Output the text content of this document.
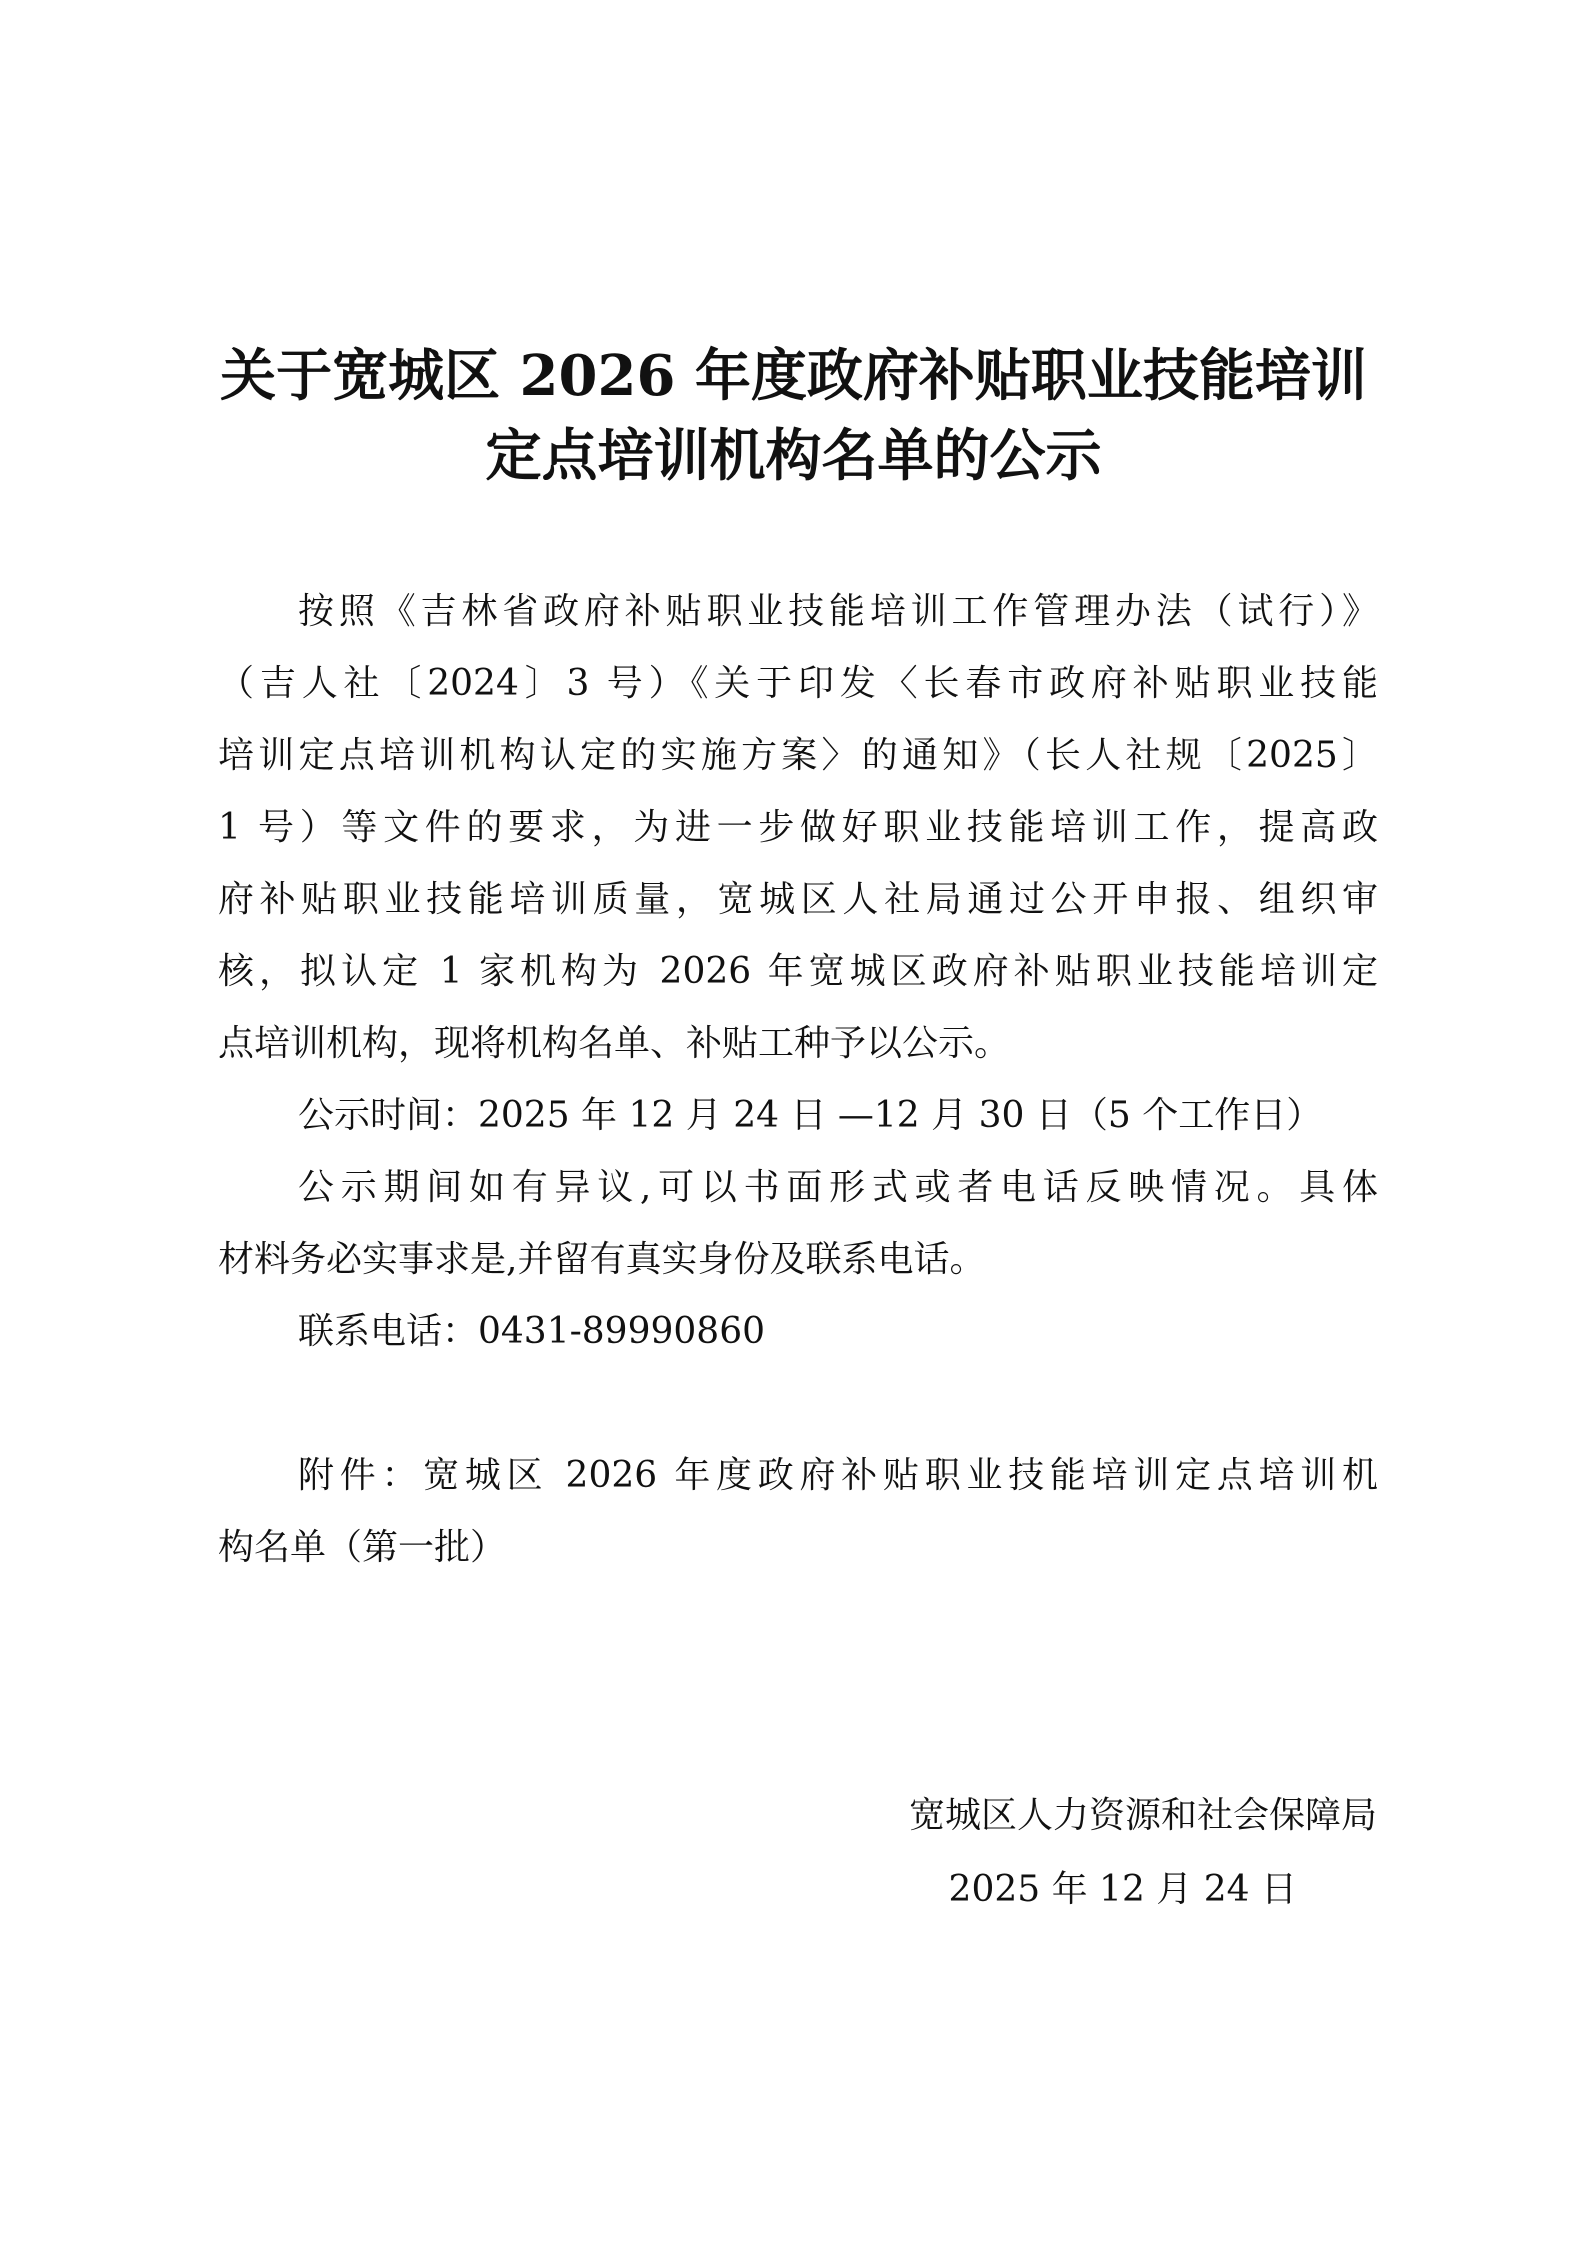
关于宽城区 2026 年度政府补贴职业技能培训
定点培训机构名单的公示
按照《吉林省政府补贴职业技能培训工作管理办法（试行）》
（吉人社〔2024〕3 号）《关于印发〈长春市政府补贴职业技能
培训定点培训机构认定的实施方案〉的通知》（长人社规〔2025〕
1 号）等文件的要求，为进一步做好职业技能培训工作，提高政
府补贴职业技能培训质量，宽城区人社局通过公开申报、组织审
核，拟认定 1 家机构为 2026 年宽城区政府补贴职业技能培训定
点培训机构，现将机构名单、补贴工种予以公示。
公示时间：2025 年 12 月 24 日 —12 月 30 日（5 个工作日）
公示期间如有异议,可以书面形式或者电话反映情况。具体
材料务必实事求是,并留有真实身份及联系电话。
联系电话：0431-89990860
附件：宽城区 2026 年度政府补贴职业技能培训定点培训机
构名单（第一批）
宽城区人力资源和社会保障局
2025 年 12 月 24 日
